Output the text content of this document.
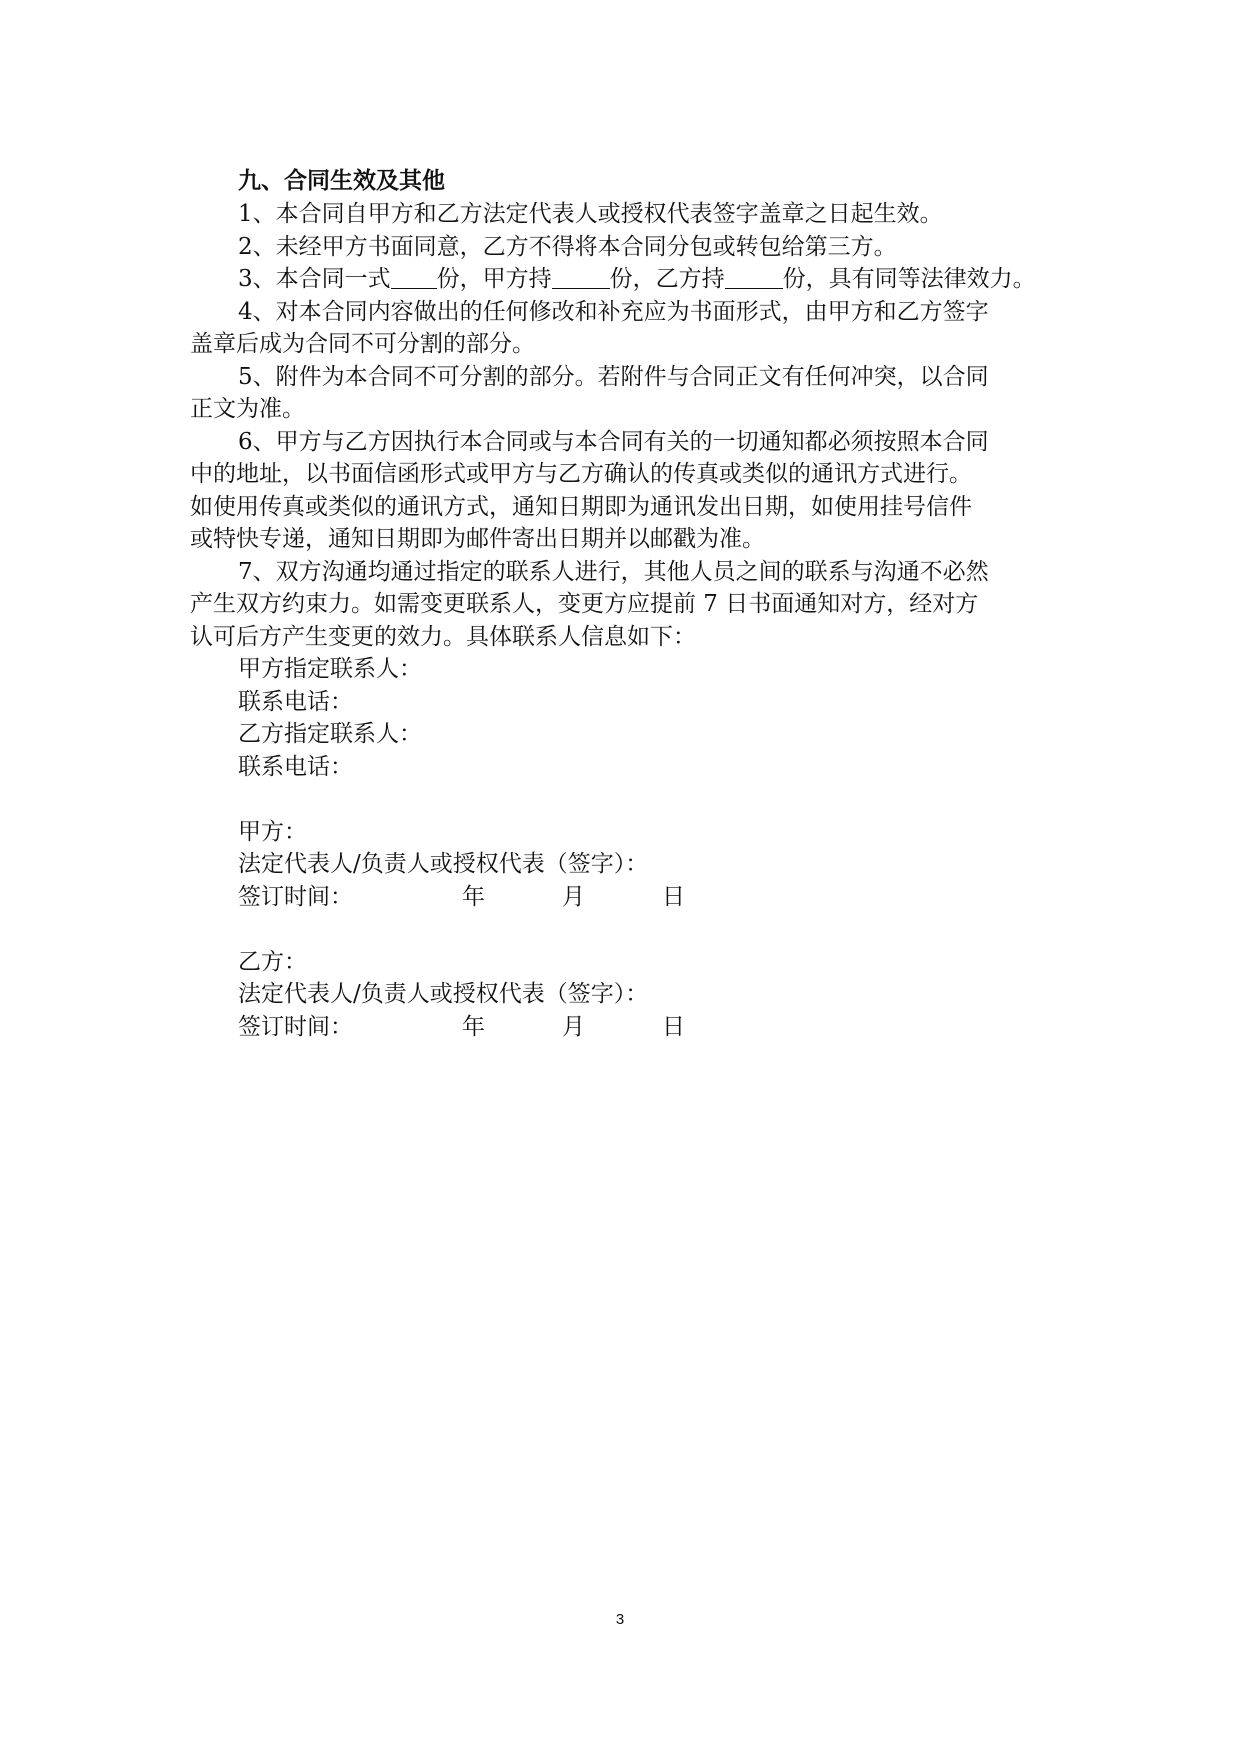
九、合同生效及其他

1、本合同自甲方和乙方法定代表人或授权代表签字盖章之日起生效。

2、未经甲方书面同意，乙方不得将本合同分包或转包给第三方。

3、本合同一式 份，甲方持	份，乙方持	份，具有同等法律效力。

4、对本合同内容做出的任何修改和补充应为书面形式，由甲方和乙方签字
盖章后成为合同不可分割的部分。

5、附件为本合同不可分割的部分。若附件与合同正文有任何冲突，以合同
正文为准。

6、甲方与乙方因执行本合同或与本合同有关的一切通知都必须按照本合同
中的地址，以书面信函形式或甲方与乙方确认的传真或类似的通讯方式进行。
如使用传真或类似的通讯方式，通知日期即为通讯发出日期，如使用挂号信件
或特快专递，通知日期即为邮件寄出日期并以邮戳为准。

7、双方沟通均通过指定的联系人进行，其他人员之间的联系与沟通不必然
产生双方约束力。如需变更联系人，变更方应提前 7 日书面通知对方，经对方
认可后方产生变更的效力。具体联系人信息如下：

甲方指定联系人：

联系电话：

乙方指定联系人：

联系电话：

甲方：

法定代表人/负责人或授权代表（签字）：

签订时间：	年	月	日

乙方：

法定代表人/负责人或授权代表（签字）：

签订时间：	年	月	日
3
